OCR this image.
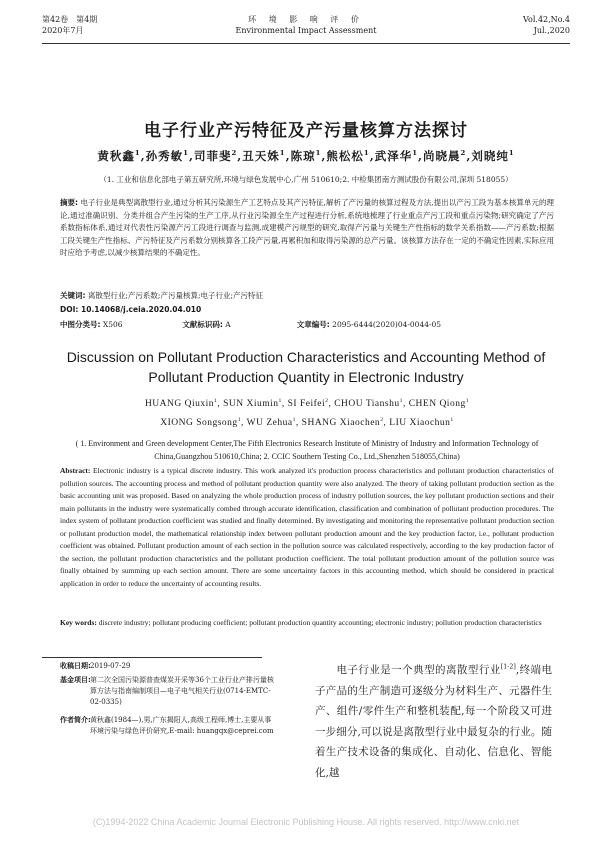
第42卷　第4期
2020年7月
环 境 影 响 评 价
Environmental Impact Assessment
Vol.42,No.4
Jul.,2020
电子行业产污特征及产污量核算方法探讨
黄秋鑫$^1$,孙秀敏$^1$,司菲斐$^2$,丑天姝$^1$,陈琼$^1$,熊松松$^1$,武泽华$^1$,尚晓晨$^2$,刘晓纯$^1$
（1. 工业和信息化部电子第五研究所,环境与绿色发展中心,广州 510610;2. 中检集团南方测试股份有限公司,深圳 518055）
摘要: 电子行业是典型离散型行业,通过分析其污染源生产工艺特点及其产污特征,解析了产污量的核算过程及方法,提出以产污工段为基本核算单元的理论,通过准确识别、分类并组合产生污染的生产工序,从行业污染源全生产过程进行分析,系统地梳理了行业重点产污工段和重点污染物;研究确定了产污系数指标体系,通过对代表性污染源产污工段进行调查与监测,成建模产污规型的研究,取得产污量与关键生产性指标的数学关系指数——产污系数;根据工段关键生产性指标、产污特征及产污系数分别核算各工段产污量,再累积加和取得污染源的总产污量。该核算方法存在一定的不确定性因素,实际应用时应给予考虑,以减少核算结果的不确定性。
关键词: 离散型行业;产污系数;产污量核算;电子行业;产污特征
DOI: 10.14068/j.ceia.2020.04.010
中图分类号: X506	文献标识码: A	文章编号: 2095-6444(2020)04-0044-05
Discussion on Pollutant Production Characteristics and Accounting Method of Pollutant Production Quantity in Electronic Industry
HUANG Qiuxin$^1$, SUN Xiumin$^1$, SI Feifei$^2$, CHOU Tianshu$^1$, CHEN Qiong$^1$
XIONG Songsong$^1$, WU Zehua$^1$, SHANG Xiaochen$^2$, LIU Xiaochun$^1$
( 1. Environment and Green development Center,The Fifth Electronics Research Institute of Ministry of Industry and Information Technology of China,Guangzhou 510610,China; 2. CCIC Southern Testing Co., Ltd.,Shenzhen 518055,China)
Abstract: Electronic industry is a typical discrete industry. This work analyzed it's production process characteristics and pollutant production characteristics of pollution sources. The accounting process and method of pollutant production quantity were also analyzed. The theory of taking pollutant production section as the basic accounting unit was proposed. Based on analyzing the whole production process of industry pollution sources, the key pollutant production sections and their main pollutants in the industry were systematically combed through accurate identification, classification and combination of pollutant production procedures. The index system of pollutant production coefficient was studied and finally determined. By investigating and monitoring the representative pollutant production section or pollutant production model, the mathematical relationship index between pollutant production amount and the key production factor, i.e., pollutant production coefficient was obtained. Pollutant production amount of each section in the pollution source was calculated respectively, according to the key production factor of the section, the pollutant production characteristics and the pollutant production coefficient. The total pollutant production amount of the pollution source was finally obtained by summing up each section amount. There are some uncertainty factors in this accounting method, which should be considered in practical application in order to reduce the uncertainty of accounting results.
Key words: discrete industry; pollutant producing coefficient; pollutant production quantity accounting; electronic industry; pollution production characteristics
收稿日期: 2019-07-29
基金项目: 第二次全国污染源普查煤炭开采等36个工业行业产排污量核算方法与指南编制项目—电子电气相关行业(0714-EMTC-02-0335)
作者简介: 黄秋鑫(1984—),男,广东揭阳人,高级工程师,博士,主要从事环境污染与绿色评价研究,E-mail: huangqx@ceprei.com
电子行业是一个典型的离散型行业[1-2],终端电子产品的生产制造可逐级分为材料生产、元器件生产、组件/零件生产和整机装配,每一个阶段又可进一步细分,可以说是离散型行业中最复杂的行业。随着生产技术设备的集成化、自动化、信息化、智能化,越
(C)1994-2022 China Academic Journal Electronic Publishing House. All rights reserved. http://www.cnki.net
